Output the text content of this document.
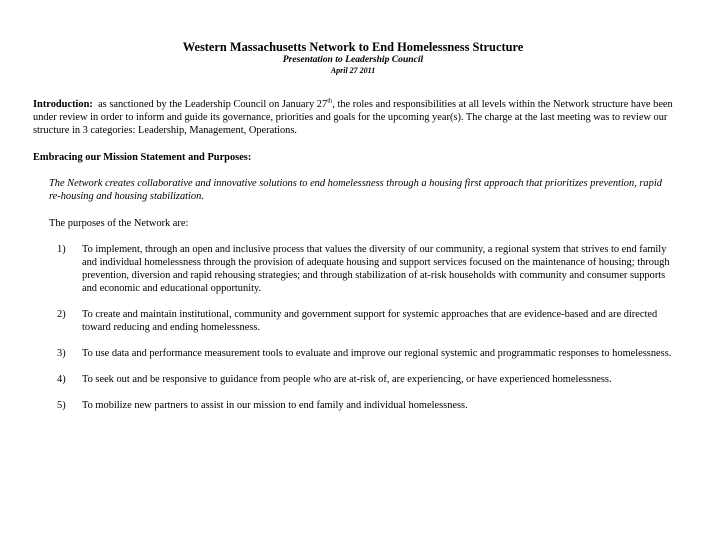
Western Massachusetts Network to End Homelessness Structure
Presentation to Leadership Council
April 27 2011
Introduction: as sanctioned by the Leadership Council on January 27th, the roles and responsibilities at all levels within the Network structure have been under review in order to inform and guide its governance, priorities and goals for the upcoming year(s). The charge at the last meeting was to review our structure in 3 categories: Leadership, Management, Operations.
Embracing our Mission Statement and Purposes:
The Network creates collaborative and innovative solutions to end homelessness through a housing first approach that prioritizes prevention, rapid re-housing and housing stabilization.
The purposes of the Network are:
1) To implement, through an open and inclusive process that values the diversity of our community, a regional system that strives to end family and individual homelessness through the provision of adequate housing and support services focused on the maintenance of housing; through prevention, diversion and rapid rehousing strategies; and through stabilization of at-risk households with community and consumer supports and economic and educational opportunity.
2) To create and maintain institutional, community and government support for systemic approaches that are evidence-based and are directed toward reducing and ending homelessness.
3) To use data and performance measurement tools to evaluate and improve our regional systemic and programmatic responses to homelessness.
4) To seek out and be responsive to guidance from people who are at-risk of, are experiencing, or have experienced homelessness.
5) To mobilize new partners to assist in our mission to end family and individual homelessness.
